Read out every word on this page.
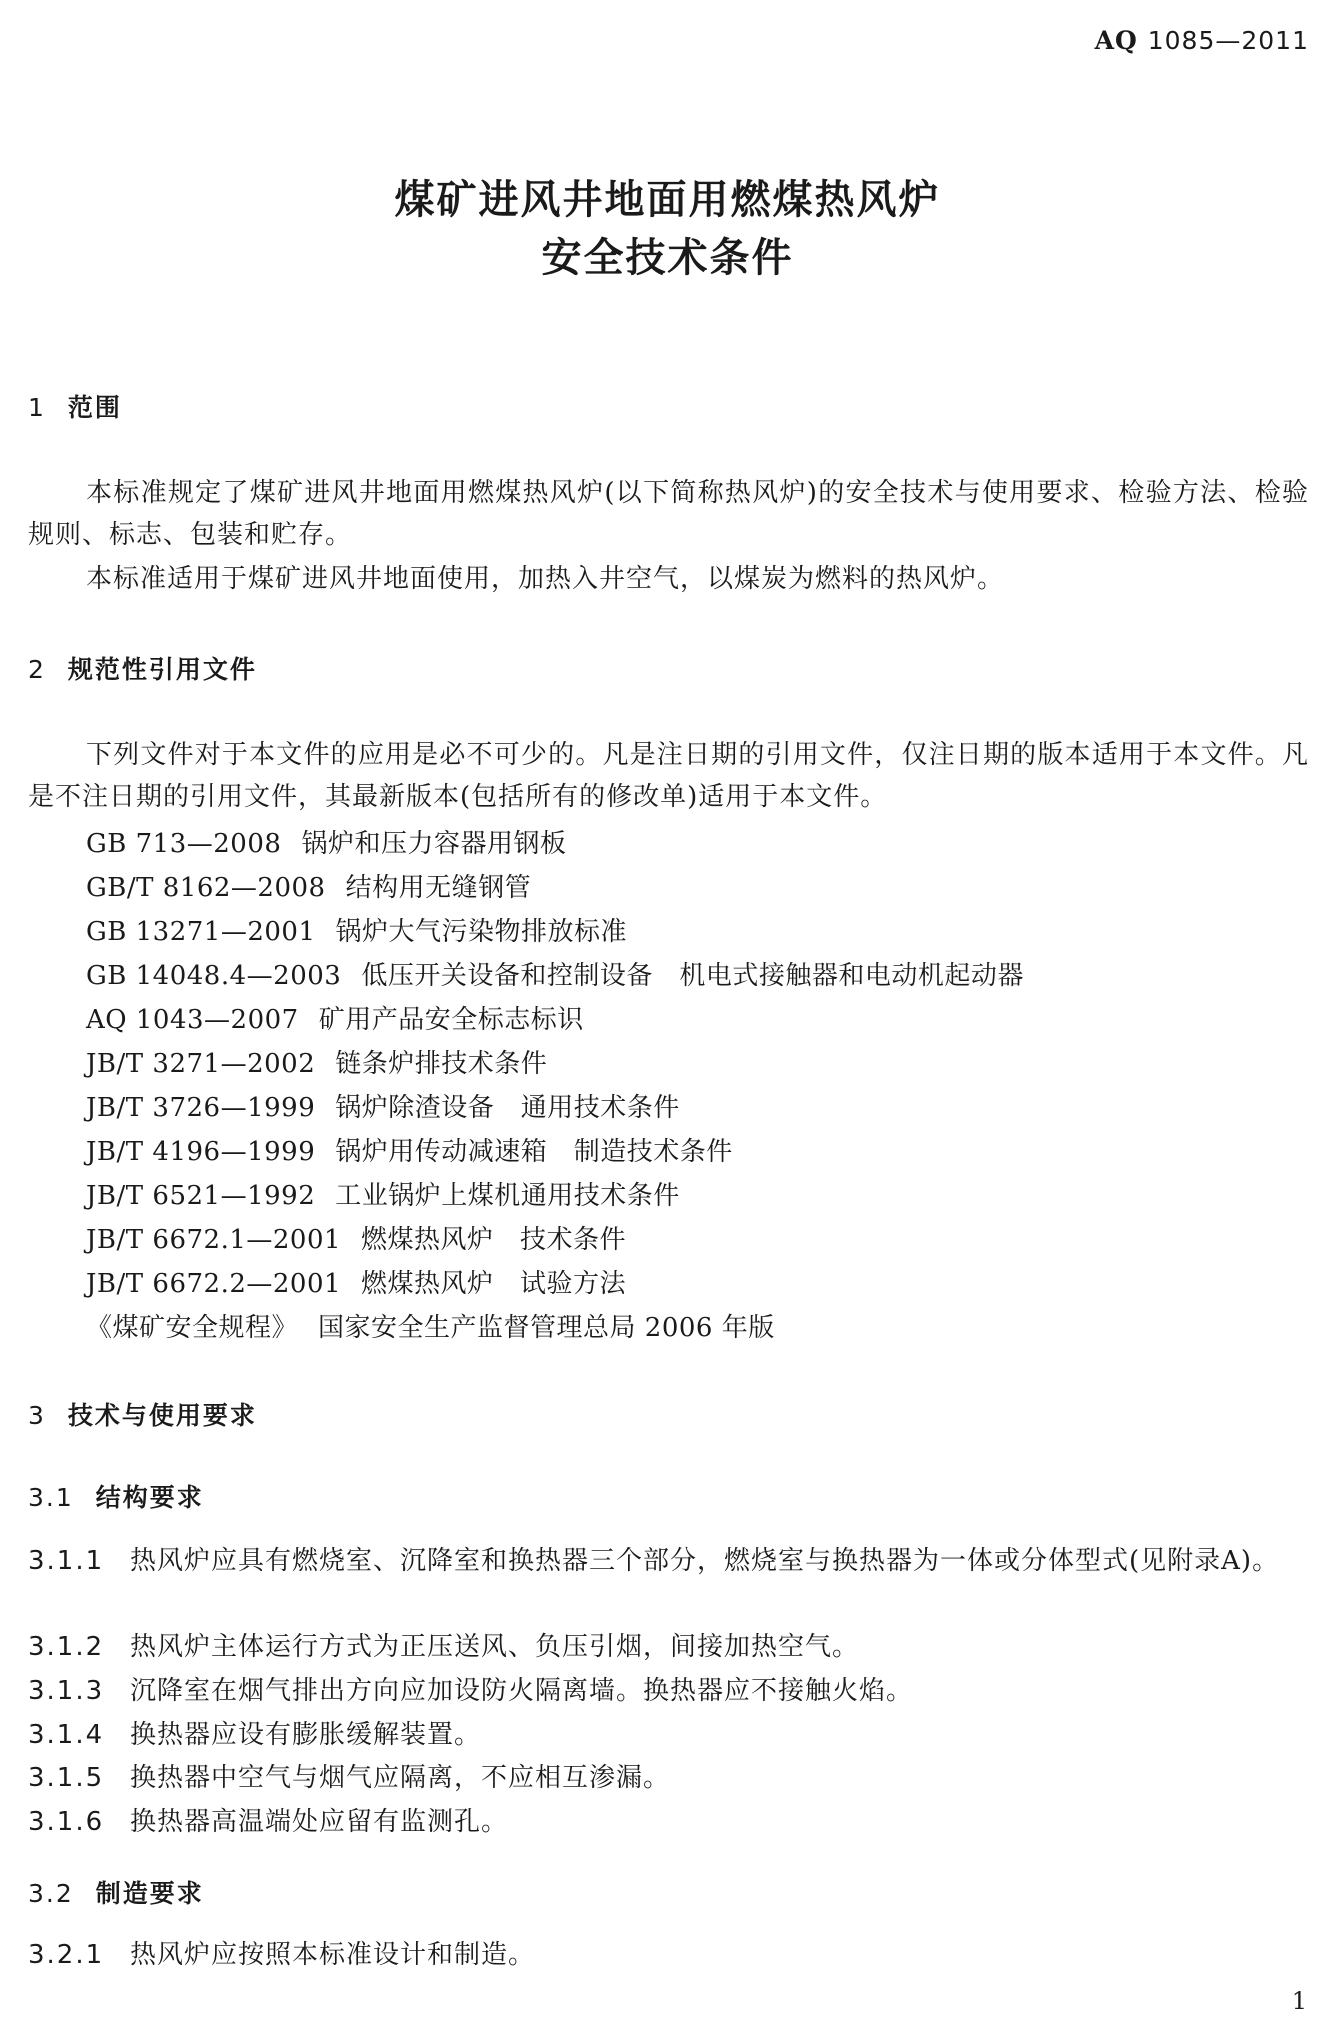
AQ 1085—2011
煤矿进风井地面用燃煤热风炉
安全技术条件
1 范围

本标准规定了煤矿进风井地面用燃煤热风炉(以下简称热风炉)的安全技术与使用要求、检验方法、检验规则、标志、包装和贮存。

本标准适用于煤矿进风井地面使用，加热入井空气，以煤炭为燃料的热风炉。

2 规范性引用文件

下列文件对于本文件的应用是必不可少的。凡是注日期的引用文件，仅注日期的版本适用于本文件。凡是不注日期的引用文件，其最新版本(包括所有的修改单)适用于本文件。

GB 713—2008 锅炉和压力容器用钢板
GB/T 8162—2008 结构用无缝钢管
GB 13271—2001 锅炉大气污染物排放标准
GB 14048.4—2003 低压开关设备和控制设备　机电式接触器和电动机起动器
AQ 1043—2007 矿用产品安全标志标识
JB/T 3271—2002 链条炉排技术条件
JB/T 3726—1999 锅炉除渣设备　通用技术条件
JB/T 4196—1999 锅炉用传动减速箱　制造技术条件
JB/T 6521—1992 工业锅炉上煤机通用技术条件
JB/T 6672.1—2001 燃煤热风炉　技术条件
JB/T 6672.2—2001 燃煤热风炉　试验方法
《煤矿安全规程》 国家安全生产监督管理总局 2006 年版
3 技术与使用要求
3.1 结构要求

3.1.1 热风炉应具有燃烧室、沉降室和换热器三个部分，燃烧室与换热器为一体或分体型式(见附录A)。

3.1.2 热风炉主体运行方式为正压送风、负压引烟，间接加热空气。

3.1.3 沉降室在烟气排出方向应加设防火隔离墙。换热器应不接触火焰。

3.1.4 换热器应设有膨胀缓解装置。

3.1.5 换热器中空气与烟气应隔离，不应相互渗漏。

3.1.6 换热器高温端处应留有监测孔。

3.2 制造要求

3.2.1 热风炉应按照本标准设计和制造。

1
